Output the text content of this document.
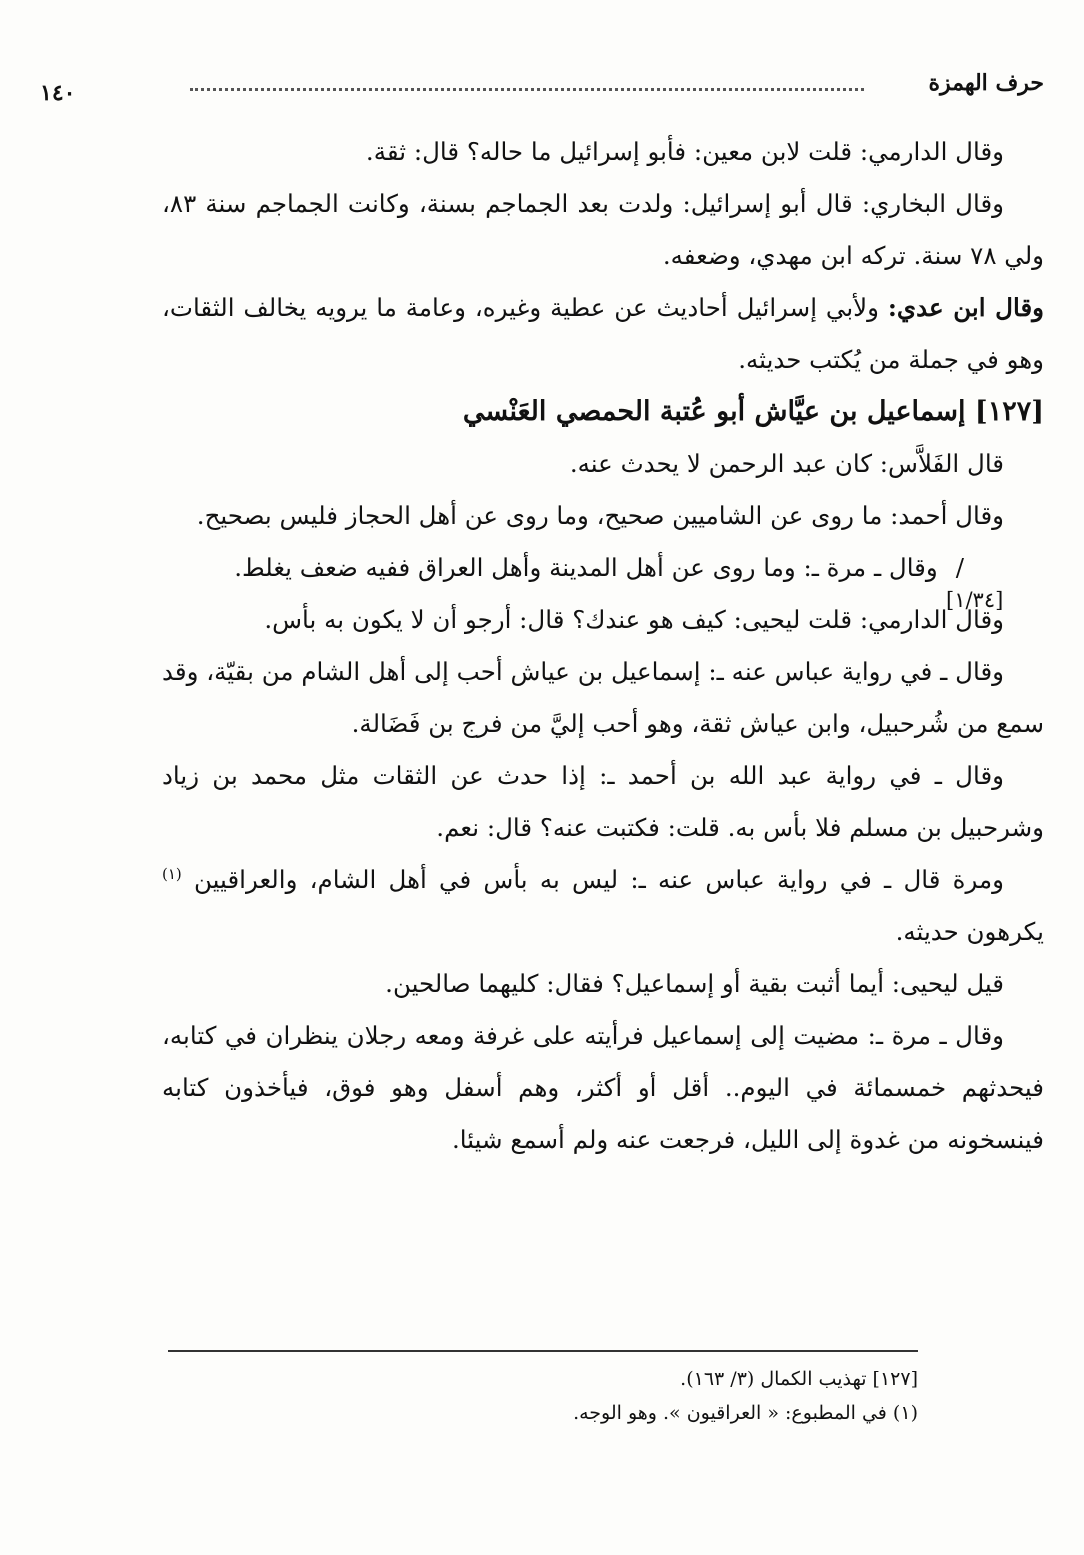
حرف الهمزة
١٤٠
[١/٣٤]

وقال الدارمي: قلت لابن معين: فأبو إسرائيل ما حاله؟ قال: ثقة.

وقال البخاري: قال أبو إسرائيل: ولدت بعد الجماجم بسنة، وكانت الجماجم سنة ٨٣، ولي ٧٨ سنة. تركه ابن مهدي، وضعفه.

وقال ابن عدي: ولأبي إسرائيل أحاديث عن عطية وغيره، وعامة ما يرويه يخالف الثقات، وهو في جملة من يُكتب حديثه.

[١٢٧] إسماعيل بن عيَّاش أبو عُتبة الحمصي العَنْسي

قال الفَلاَّس: كان عبد الرحمن لا يحدث عنه.

وقال أحمد: ما روى عن الشاميين صحيح، وما روى عن أهل الحجاز فليس بصحيح.

/وقال ـ مرة ـ: وما روى عن أهل المدينة وأهل العراق ففيه ضعف يغلط.

وقال الدارمي: قلت ليحيى: كيف هو عندك؟ قال: أرجو أن لا يكون به بأس.

وقال ـ في رواية عباس عنه ـ: إسماعيل بن عياش أحب إلى أهل الشام من بقيّة، وقد سمع من شُرحبيل، وابن عياش ثقة، وهو أحب إليَّ من فرج بن فَضَالة.

وقال ـ في رواية عبد الله بن أحمد ـ: إذا حدث عن الثقات مثل محمد بن زياد وشرحبيل بن مسلم فلا بأس به. قلت: فكتبت عنه؟ قال: نعم.

ومرة قال ـ في رواية عباس عنه ـ: ليس به بأس في أهل الشام، والعراقيين $^{(١)}$ يكرهون حديثه.

قيل ليحيى: أيما أثبت بقية أو إسماعيل؟ فقال: كليهما صالحين.

وقال ـ مرة ـ: مضيت إلى إسماعيل فرأيته على غرفة ومعه رجلان ينظران في كتابه، فيحدثهم خمسمائة في اليوم.. أقل أو أكثر، وهم أسفل وهو فوق، فيأخذون كتابه فينسخونه من غدوة إلى الليل، فرجعت عنه ولم أسمع شيئا.

[١٢٧] تهذيب الكمال (٣/ ١٦٣).

(١) في المطبوع: « العراقيون ». وهو الوجه.
